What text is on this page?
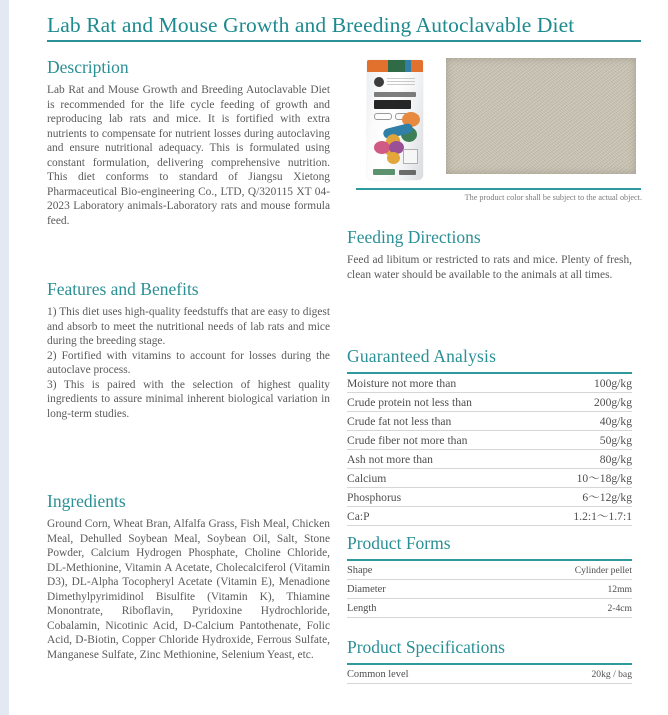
Lab Rat and Mouse Growth and Breeding Autoclavable Diet
Description
Lab Rat and Mouse Growth and Breeding Autoclavable Diet is recommended for the life cycle feeding of growth and reproducing lab rats and mice. It is fortified with extra nutrients to compensate for nutrient losses during autoclaving and ensure nutritional adequacy. This is formulated using constant formulation, delivering comprehensive nutrition. This diet conforms to standard of Jiangsu Xietong Pharmaceutical Bio-engineering Co., LTD, Q/320115 XT 04-2023 Laboratory animals-Laboratory rats and mouse formula feed.
Features and Benefits

1) This diet uses high-quality feedstuffs that are easy to digest and absorb to meet the nutritional needs of lab rats and mice during the breeding stage.

2) Fortified with vitamins to account for losses during the autoclave process.

3) This is paired with the selection of highest quality ingredients to assure minimal inherent biological variation in long-term studies.

Ingredients
Ground Corn, Wheat Bran, Alfalfa Grass, Fish Meal, Chicken Meal, Dehulled Soybean Meal, Soybean Oil, Salt, Stone Powder, Calcium Hydrogen Phosphate, Choline Chloride, DL-Methionine, Vitamin A Acetate, Cholecalciferol (Vitamin D3), DL-Alpha Tocopheryl Acetate (Vitamin E), Menadione Dimethylpyrimidinol Bisulfite (Vitamin K), Thiamine Monontrate, Riboflavin, Pyridoxine Hydrochloride, Cobalamin, Nicotinic Acid, D-Calcium Pantothenate, Folic Acid, D-Biotin, Copper Chloride Hydroxide, Ferrous Sulfate, Manganese Sulfate, Zinc Methionine, Selenium Yeast, etc.
The product color shall be subject to the actual object.
Feeding Directions
Feed ad libitum or restricted to rats and mice. Plenty of fresh, clean water should be available to the animals at all times.
Guaranteed Analysis
Moisture not more than	100g/kg
Crude protein not less than	200g/kg
Crude fat not less than	40g/kg
Crude fiber not more than	50g/kg
Ash not more than	80g/kg
Calcium	10～18g/kg
Phosphorus	6～12g/kg
Ca:P	1.2:1～1.7:1
Product Forms
Shape	Cylinder pellet
Diameter	12mm
Length	2-4cm
Product Specifications
Common level	20kg / bag
